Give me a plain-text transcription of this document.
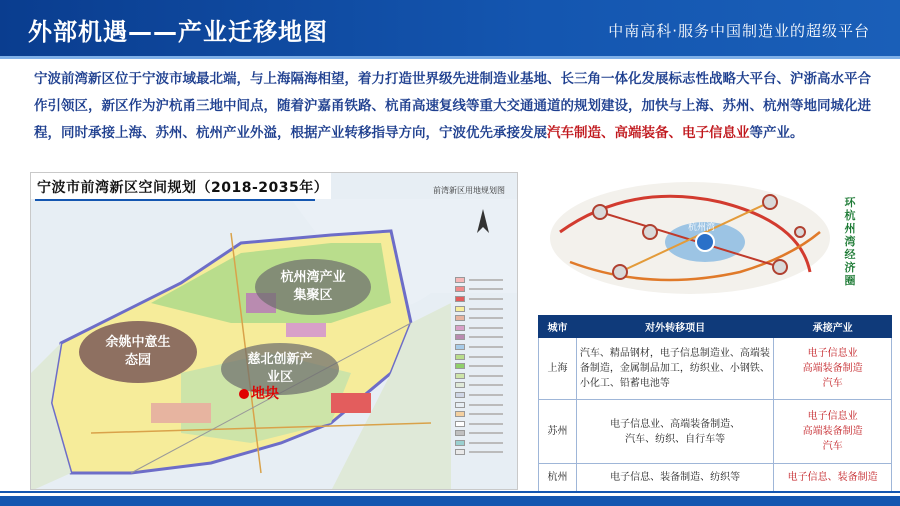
外部机遇——产业迁移地图	中南高科·服务中国制造业的超级平台
宁波前湾新区位于宁波市域最北端，与上海隔海相望，着力打造世界级先进制造业基地、长三角一体化发展标志性战略大平台、沪浙高水平合作引领区，新区作为沪杭甬三地中间点，随着沪嘉甬铁路、杭甬高速复线等重大交通通道的规划建设，加快与上海、苏州、杭州等地同城化进程，同时承接上海、苏州、杭州产业外溢，根据产业转移指导方向，宁波优先承接发展汽车制造、高端装备、电子信息业等产业。
宁波市前湾新区空间规划（2018-2035年）	前湾新区用地规划图
杭州湾产业
集聚区
余姚中意生
态园	慈北创新产
业区
地块
杭州湾
环杭州湾经济圈
城市	对外转移项目	承接产业
上海	汽车、精品钢材，电子信息制造业、高端装备制造，金属制品加工，纺织业、小钢铁、小化工、铅蓄电池等	电子信息业
高端装备制造
汽车
苏州	电子信息业、高端装备制造、
汽车、纺织、自行车等	电子信息业
高端装备制造
汽车
杭州	电子信息、装备制造、纺织等	电子信息、装备制造
